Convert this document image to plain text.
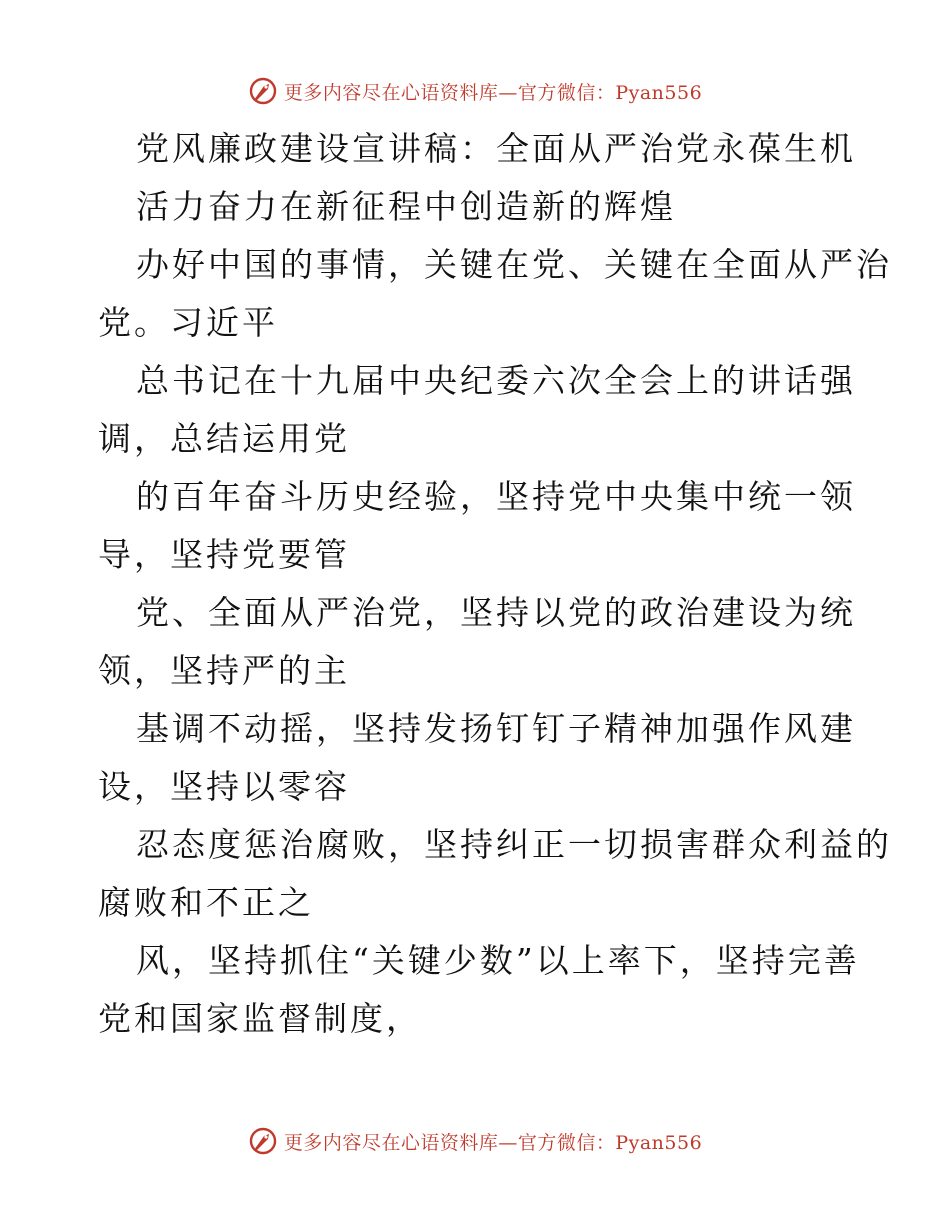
更多内容尽在心语资料库—官方微信：Pyan556
党风廉政建设宣讲稿：全面从严治党永葆生机
活力奋力在新征程中创造新的辉煌
办好中国的事情，关键在党、关键在全面从严治
党。习近平
总书记在十九届中央纪委六次全会上的讲话强
调，总结运用党
的百年奋斗历史经验，坚持党中央集中统一领
导，坚持党要管
党、全面从严治党，坚持以党的政治建设为统
领，坚持严的主
基调不动摇，坚持发扬钉钉子精神加强作风建
设，坚持以零容
忍态度惩治腐败，坚持纠正一切损害群众利益的
腐败和不正之
风，坚持抓住“关键少数”以上率下，坚持完善
党和国家监督制度，
更多内容尽在心语资料库—官方微信：Pyan556
